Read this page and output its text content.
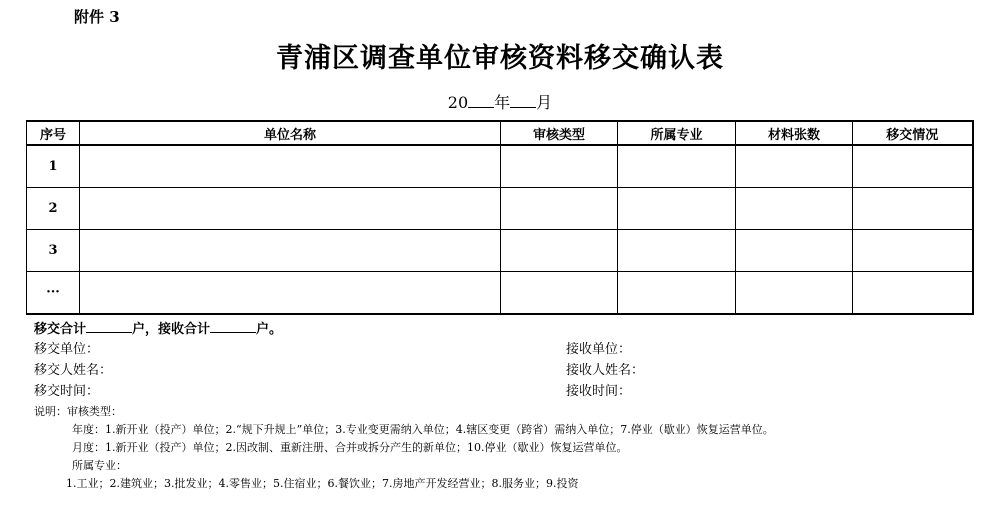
附件 3
青浦区调查单位审核资料移交确认表
20 年 月
序号	单位名称	审核类型	所属专业	材料张数	移交情况
1					
2					
3					
···					
移交合计	户，接收合计	户。
移交单位：
移交人姓名：
移交时间：
接收单位：
接收人姓名：
接收时间：
说明：审核类型：
年度：1.新开业（投产）单位；2.“规下升规上”单位；3.专业变更需纳入单位；4.辖区变更（跨省）需纳入单位；7.停业（歇业）恢复运营单位。
月度：1.新开业（投产）单位；2.因改制、重新注册、合并或拆分产生的新单位；10.停业（歇业）恢复运营单位。
所属专业：
1.工业；2.建筑业；3.批发业；4.零售业；5.住宿业；6.餐饮业；7.房地产开发经营业；8.服务业；9.投资
